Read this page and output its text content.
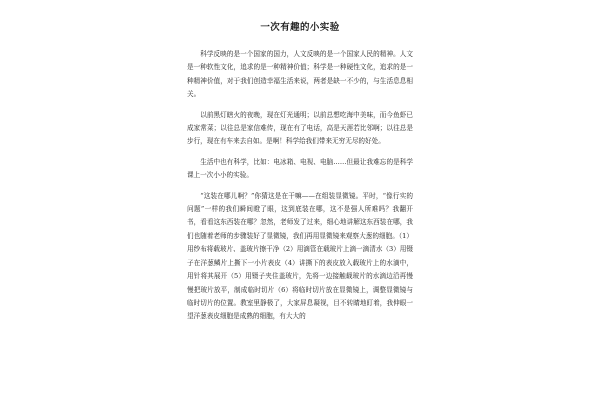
一次有趣的小实验

科学反映的是一个国家的国力，人文反映的是一个国家人民的精神。人文是一种软性文化，追求的是一种精神价值；科学是一种硬性文化，追求的是一种精神价值，对于我们创造幸福生活来说，两者是缺一不少的，与生活息息相关。

以前黑灯瞎火的夜晚，现在灯光通明；以前总想吃海中美味，而今鱼虾已成家常菜；以往总是家信难传，现在有了电话，高是天涯若比邻啊；以往总是步行，现在有车来去自如。是啊！科学给我们带来无穷无尽的好处。

生活中也有科学，比如：电冰箱、电视、电脑……但最让我难忘的是科学课上一次小小的实验。

“这装在哪儿啊？”你猜这是在干嘛——在组装显微镜。平时，“像行实的问题”一样的我们瞬间瞪了眼，这到底装在哪，这不是强人所难吗？我翻开书，看看这东西装在哪？忽然，老师发了过来，细心地讲解这东西装在哪，我们也随着老师的步骤装好了显微镜，我们再用显微镜来观察大葱的细胞。（1）用纱布将载玻片、盖玻片擦干净（2）用滴管在载玻片上滴一滴清水（3）用镊子在洋葱鳞片上撕下一小片表皮（4）讲撕下的表皮放入载玻片上的水滴中，用针将其展开（5）用镊子夹住盖玻片，先将一边接触载玻片的水滴边沿再慢慢把玻片放平，制成临时切片（6）将临时切片放在显微镜上，调整显微镜与临时切片的位置。教室里静极了，大家屏息凝视，目不转睛地盯着，我伸眼一望洋葱表皮细胞是成熟的细胞，有大大的
